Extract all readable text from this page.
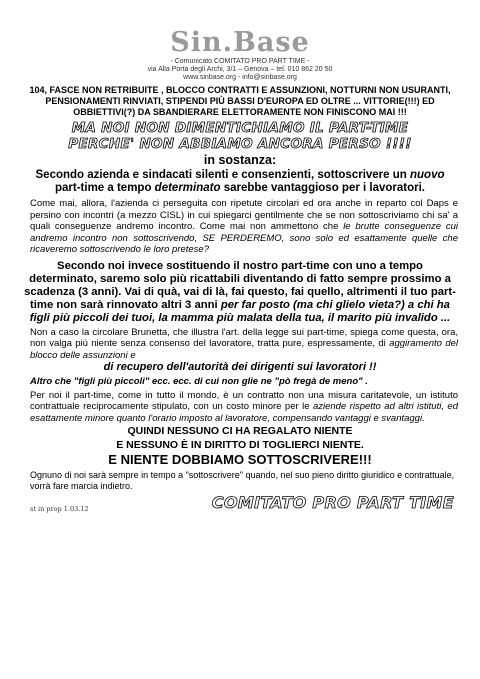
Sin.Base
- Comunicato COMITATO PRO PART TIME -
via Alla Porta degli Archi, 3/1 – Genova – tel. 010 862 20 50
www.sinbase.org - info@sinbase.org
104, FASCE NON RETRIBUITE , BLOCCO CONTRATTI E ASSUNZIONI, NOTTURNI NON USURANTI, PENSIONAMENTI RINVIATI, STIPENDI PIÙ BASSI D'EUROPA ED OLTRE ... VITTORIE(!!!) ED OBBIETTIVI(?) DA SBANDIERARE ELETTORAMENTE NON FINISCONO MAI !!!
MA NOI NON DIMENTICHIAMO IL PART-TIME
PERCHE' NON ABBIAMO ANCORA PERSO !!!!
in sostanza:
Secondo azienda e sindacati silenti e consenzienti, sottoscrivere un nuovo part-time a tempo determinato sarebbe vantaggioso per i lavoratori.
Come mai, allora, l'azienda ci perseguita con ripetute circolari ed ora anche in reparto col Daps e persino con incontri (a mezzo CISL) in cui spiegarci gentilmente che se non sottoscriviamo chi sa' a quali conseguenze andremo incontro. Come mai non ammettono che le brutte conseguenze cui andremo incontro non sottoscrivendo, SE PERDEREMO, sono solo ed esattamente quelle che ricaveremo sottoscrivendo le loro pretese?
Secondo noi invece sostituendo il nostro part-time con uno a tempo determinato, saremo solo più ricattabili diventando di fatto sempre prossimo a scadenza (3 anni). Vai di quà, vai di là, fai questo, fai quello, altrimenti il tuo part-time non sarà rinnovato altri 3 anni per far posto (ma chi glielo vieta?) a chi ha figli più piccoli dei tuoi, la mamma più malata della tua, il marito più invalido ...
Non a caso la circolare Brunetta, che illustra l'art. della legge sui part-time, spiega come questa, ora, non valga più niente senza consenso del lavoratore, tratta pure, espressamente, di aggiramento del blocco delle assunzioni e
di recupero dell'autorità dei dirigenti sui lavoratori !!
Altro che "figli più piccoli" ecc. ecc. di cui non glie ne "pò fregà de meno" .
Per noi il part-time, come in tutto il mondo, è un contratto non una misura caritatevole, un istituto contrattuale reciprocamente stipulato, con un costo minore per le aziende rispetto ad altri istituti, ed esattamente minore quanto l'orario imposto al lavoratore, compensando vantaggi e svantaggi.
QUINDI NESSUNO CI HA REGALATO NIENTE
E NESSUNO È IN DIRITTO DI TOGLIERCI NIENTE.
E NIENTE DOBBIAMO SOTTOSCRIVERE!!!
Ognuno di noi sarà sempre in tempo a "sottoscrivere" quando, nel suo pieno diritto giuridico e contrattuale, vorrà fare marcia indietro.
st in prop 1.03.12	COMITATO PRO PART TIME
